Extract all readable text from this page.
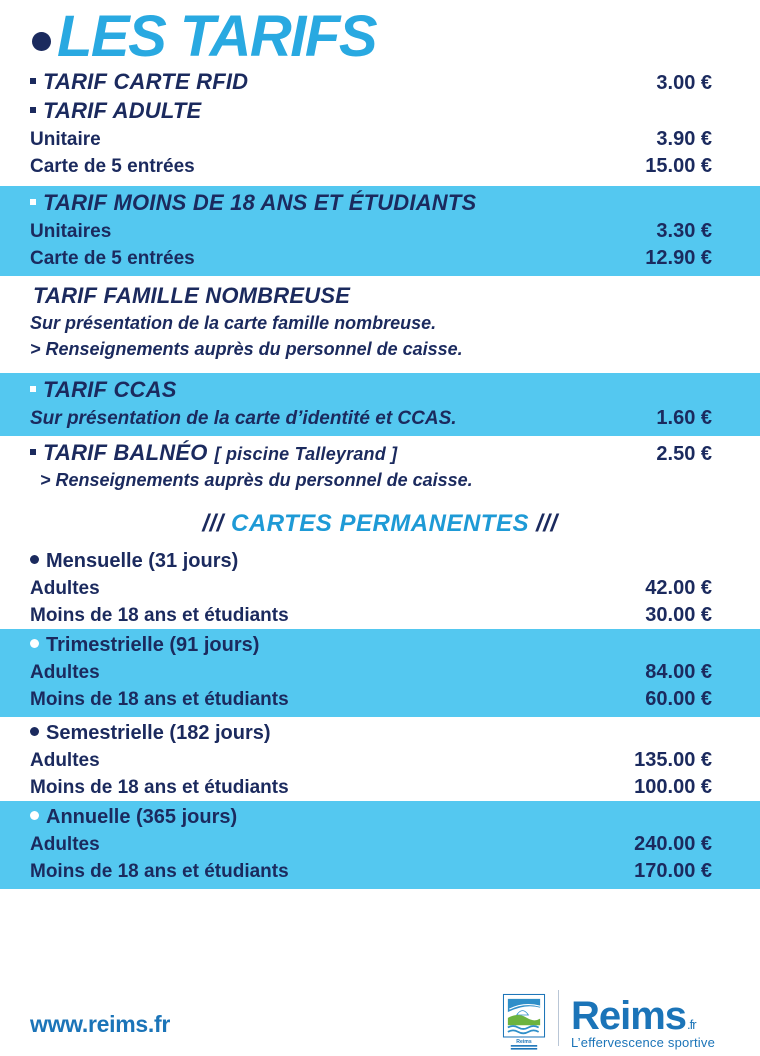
LES TARIFS
TARIF CARTE RFID	3.00 €
TARIF ADULTE
Unitaire	3.90 €
Carte de 5 entrées	15.00 €
TARIF MOINS DE 18 ANS ET ÉTUDIANTS
Unitaires	3.30 €
Carte de 5 entrées	12.90 €
TARIF FAMILLE NOMBREUSE
Sur présentation de la carte famille nombreuse.
> Renseignements auprès du personnel de caisse.
TARIF CCAS
Sur présentation de la carte d’identité et CCAS.	1.60 €
TARIF BALNÉO [ piscine Talleyrand ]	2.50 €
> Renseignements auprès du personnel de caisse.
/// CARTES PERMANENTES ///
Mensuelle (31 jours)
Adultes	42.00 €
Moins de 18 ans et étudiants	30.00 €
Trimestrielle (91 jours)
Adultes	84.00 €
Moins de 18 ans et étudiants	60.00 €
Semestrielle (182 jours)
Adultes	135.00 €
Moins de 18 ans et étudiants	100.00 €
Annuelle (365 jours)
Adultes	240.00 €
Moins de 18 ans et étudiants	170.00 €
www.reims.fr
Reims
Reims.fr
L’effervescence sportive
